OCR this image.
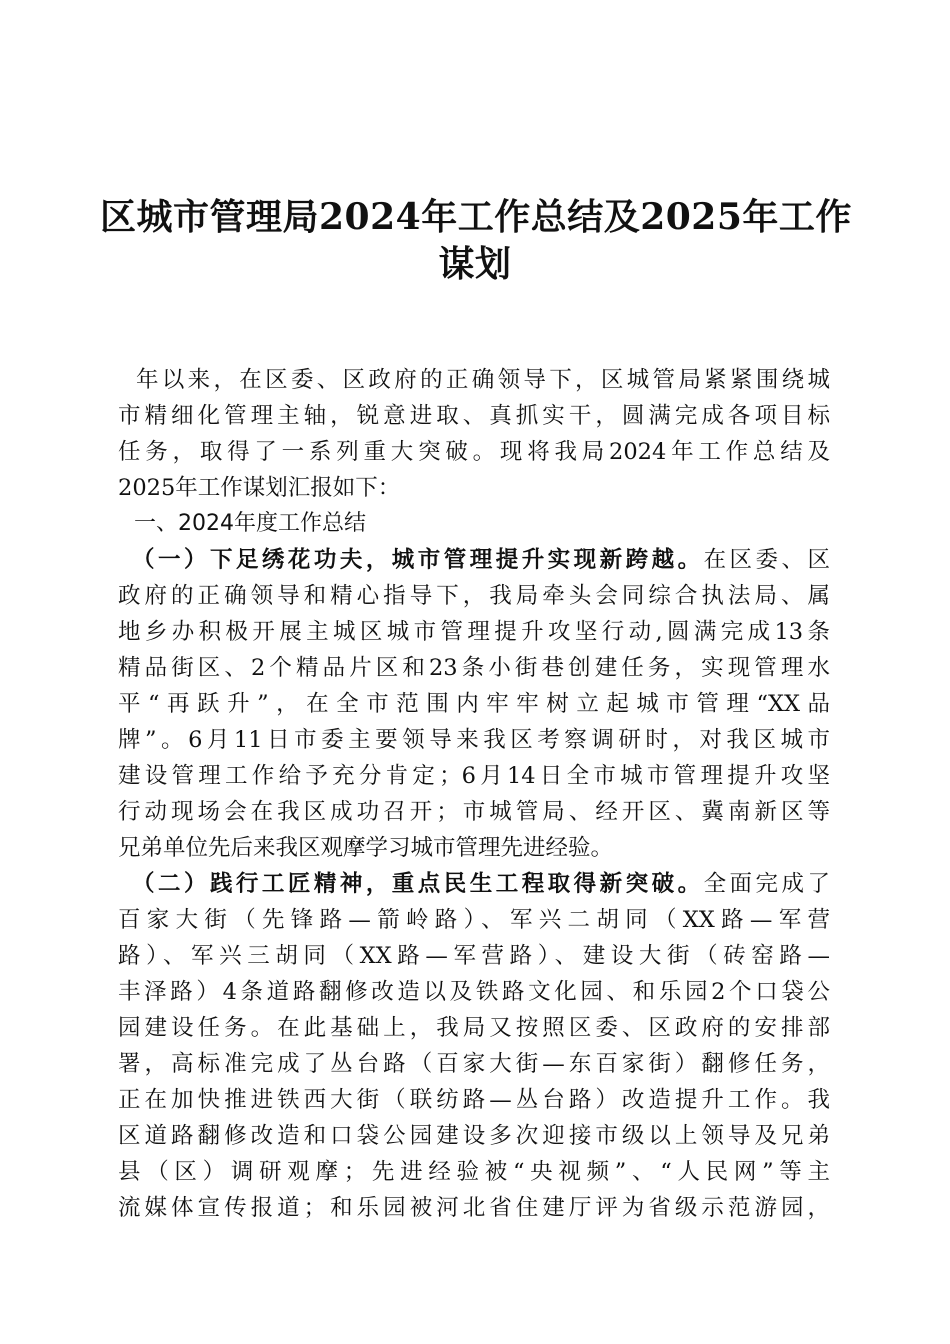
区城市管理局2024年工作总结及2025年工作
谋划
年以来，在区委、区政府的正确领导下，区城管局紧紧围绕城
市精细化管理主轴，锐意进取、真抓实干，圆满完成各项目标
任务，取得了一系列重大突破。现将我局2024年工作总结及
2025年工作谋划汇报如下：
一、2024年度工作总结
（一）下足绣花功夫，城市管理提升实现新跨越。在区委、区
政府的正确领导和精心指导下，我局牵头会同综合执法局、属
地乡办积极开展主城区城市管理提升攻坚行动,圆满完成13条
精品街区、2个精品片区和23条小街巷创建任务，实现管理水
平“再跃升”，在全市范围内牢牢树立起城市管理“XX品
牌”。6月11日市委主要领导来我区考察调研时，对我区城市
建设管理工作给予充分肯定；6月14日全市城市管理提升攻坚
行动现场会在我区成功召开；市城管局、经开区、冀南新区等
兄弟单位先后来我区观摩学习城市管理先进经验。
（二）践行工匠精神，重点民生工程取得新突破。全面完成了
百家大街（先锋路—箭岭路）、军兴二胡同（XX路—军营
路）、军兴三胡同（XX路—军营路）、建设大街（砖窑路—
丰泽路）4条道路翻修改造以及铁路文化园、和乐园2个口袋公
园建设任务。在此基础上，我局又按照区委、区政府的安排部
署，高标准完成了丛台路（百家大街—东百家街）翻修任务，
正在加快推进铁西大街（联纺路—丛台路）改造提升工作。我
区道路翻修改造和口袋公园建设多次迎接市级以上领导及兄弟
县（区）调研观摩；先进经验被“央视频”、“人民网”等主
流媒体宣传报道；和乐园被河北省住建厅评为省级示范游园，
